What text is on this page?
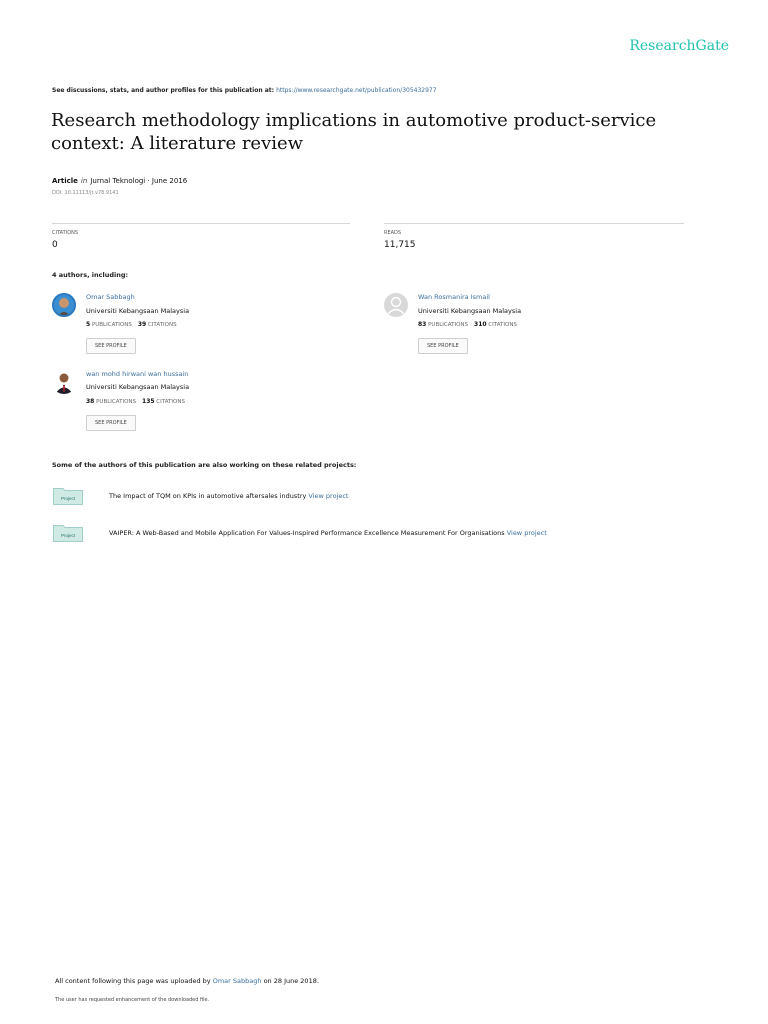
ResearchGate
See discussions, stats, and author profiles for this publication at: https://www.researchgate.net/publication/305432977
Research methodology implications in automotive product-service context: A literature review
Article in Jurnal Teknologi · June 2016
DOI: 10.11113/jt.v78.9141
CITATIONS
0
READS
11,715
4 authors, including:
Omar Sabbagh
Universiti Kebangsaan Malaysia
5 PUBLICATIONS 39 CITATIONS
SEE PROFILE
Wan Rosmanira Ismail
Universiti Kebangsaan Malaysia
83 PUBLICATIONS 310 CITATIONS
SEE PROFILE
wan mohd hirwani wan hussain
Universiti Kebangsaan Malaysia
38 PUBLICATIONS 135 CITATIONS
SEE PROFILE
Some of the authors of this publication are also working on these related projects:
Project	The Impact of TQM on KPIs in automotive aftersales industry View project
Project	VAIPER: A Web-Based and Mobile Application For Values-Inspired Performance Excellence Measurement For Organisations View project
All content following this page was uploaded by Omar Sabbagh on 28 June 2018.
The user has requested enhancement of the downloaded file.
